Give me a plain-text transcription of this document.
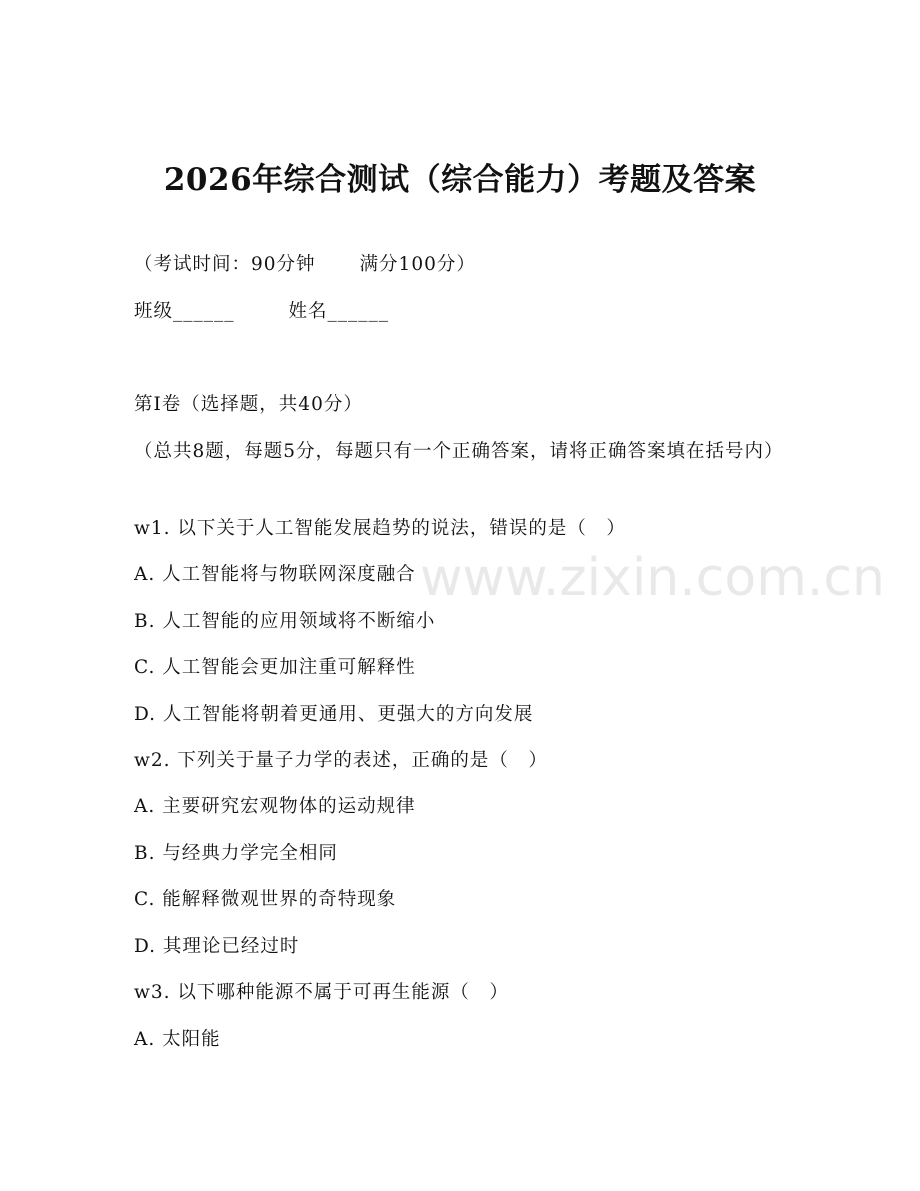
www.zixin.com.cn
2026年综合测试（综合能力）考题及答案
（考试时间：90分钟 满分100分）
班级______	姓名______
第Ⅰ卷（选择题，共40分）
（总共8题，每题5分，每题只有一个正确答案，请将正确答案填在括号内）
w1. 以下关于人工智能发展趋势的说法，错误的是（　）
A. 人工智能将与物联网深度融合
B. 人工智能的应用领域将不断缩小
C. 人工智能会更加注重可解释性
D. 人工智能将朝着更通用、更强大的方向发展
w2. 下列关于量子力学的表述，正确的是（　）
A. 主要研究宏观物体的运动规律
B. 与经典力学完全相同
C. 能解释微观世界的奇特现象
D. 其理论已经过时
w3. 以下哪种能源不属于可再生能源（　）
A. 太阳能
